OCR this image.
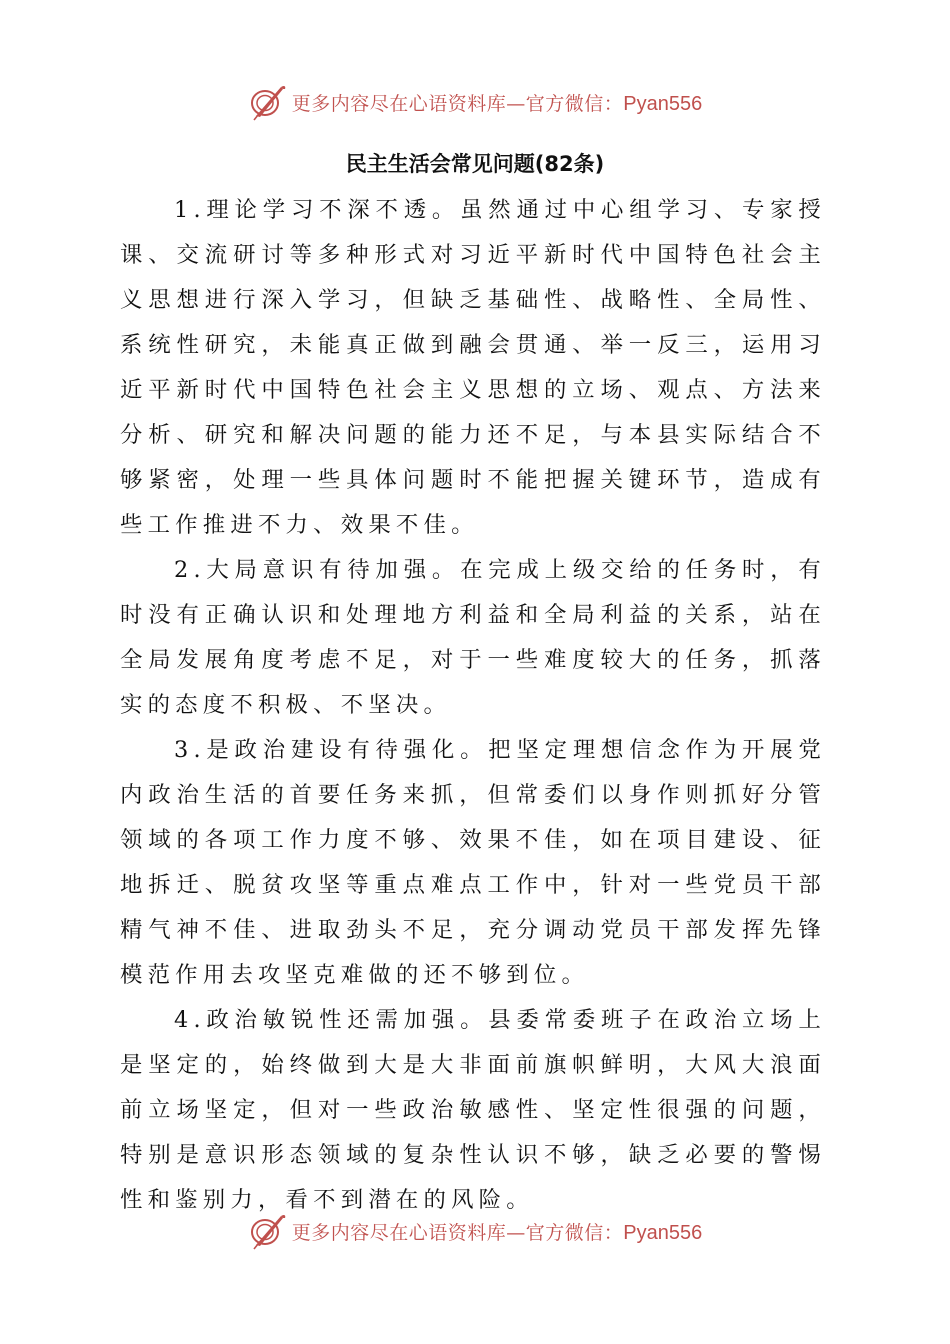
更多内容尽在心语资料库—官方微信：Pyan556
民主生活会常见问题(82条)

1.理论学习不深不透。虽然通过中心组学习、专家授课、交流研讨等多种形式对习近平新时代中国特色社会主义思想进行深入学习，但缺乏基础性、战略性、全局性、系统性研究，未能真正做到融会贯通、举一反三，运用习近平新时代中国特色社会主义思想的立场、观点、方法来分析、研究和解决问题的能力还不足，与本县实际结合不够紧密，处理一些具体问题时不能把握关键环节，造成有些工作推进不力、效果不佳。

2.大局意识有待加强。在完成上级交给的任务时，有时没有正确认识和处理地方利益和全局利益的关系，站在全局发展角度考虑不足，对于一些难度较大的任务，抓落实的态度不积极、不坚决。

3.是政治建设有待强化。把坚定理想信念作为开展党内政治生活的首要任务来抓，但常委们以身作则抓好分管领域的各项工作力度不够、效果不佳，如在项目建设、征地拆迁、脱贫攻坚等重点难点工作中，针对一些党员干部精气神不佳、进取劲头不足，充分调动党员干部发挥先锋模范作用去攻坚克难做的还不够到位。

4.政治敏锐性还需加强。县委常委班子在政治立场上是坚定的，始终做到大是大非面前旗帜鲜明，大风大浪面前立场坚定，但对一些政治敏感性、坚定性很强的问题，特别是意识形态领域的复杂性认识不够，缺乏必要的警惕性和鉴别力，看不到潜在的风险。

更多内容尽在心语资料库—官方微信：Pyan556
